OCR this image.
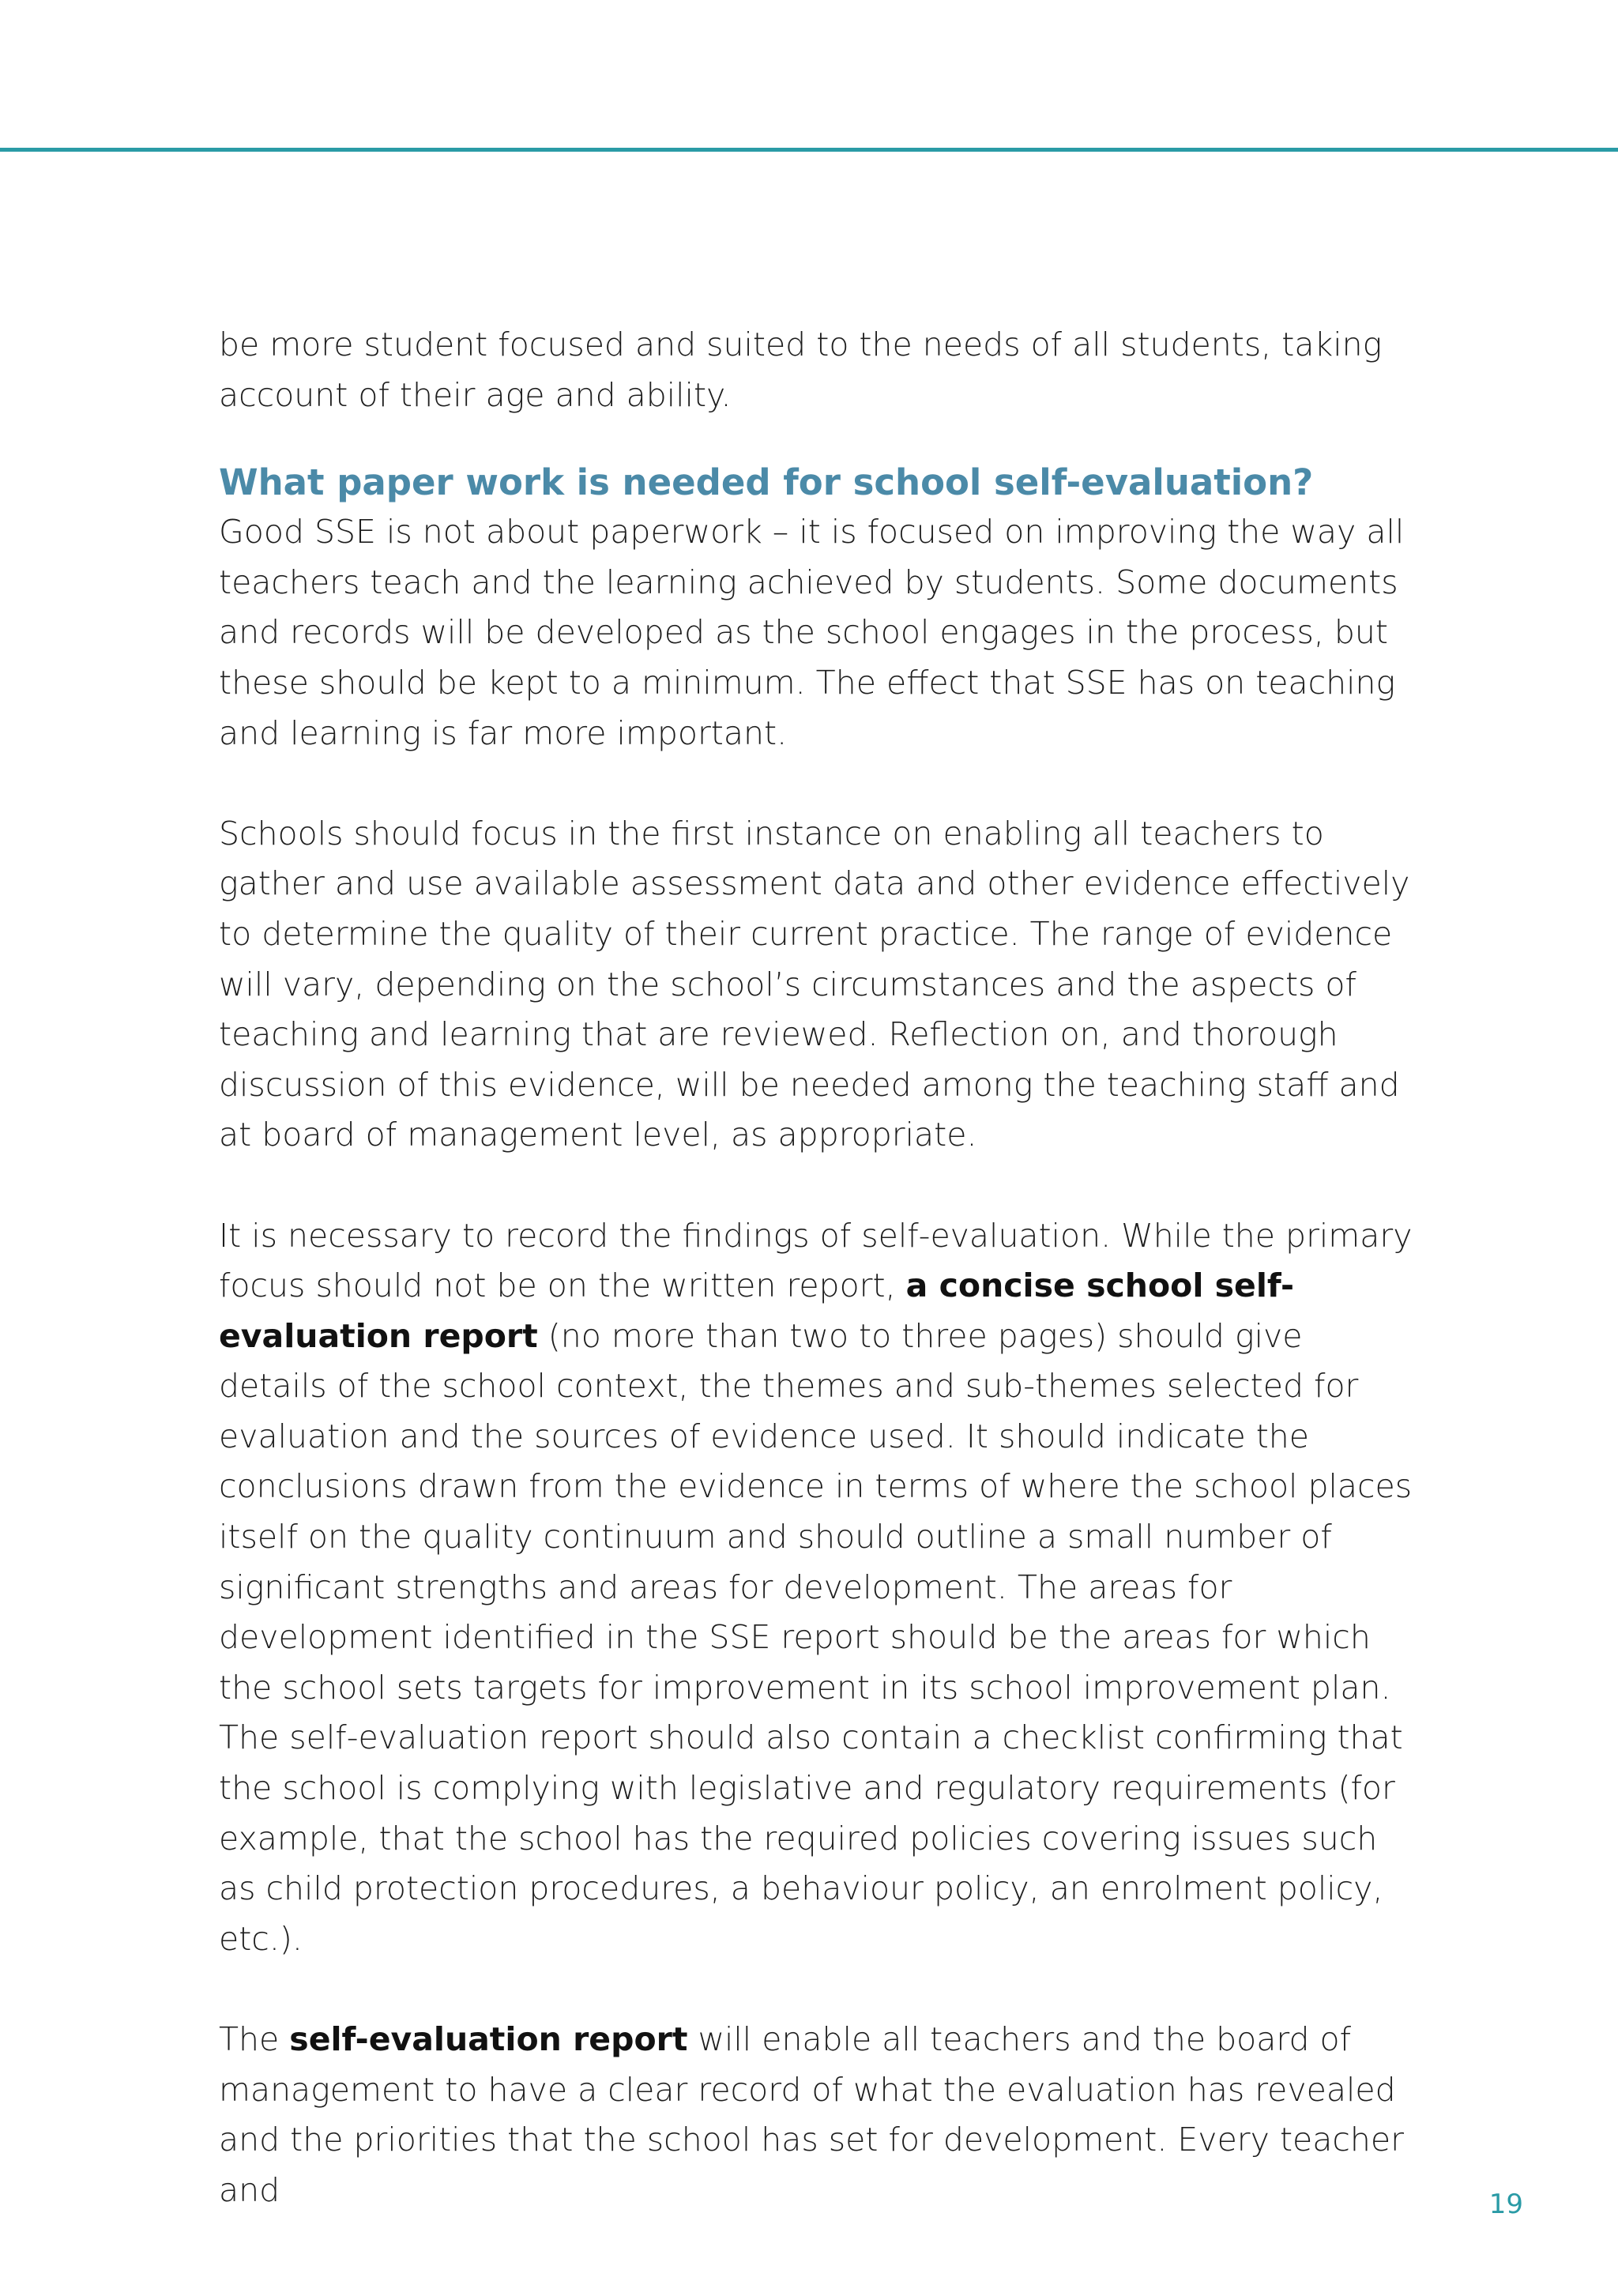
be more student focused and suited to the needs of all students, taking account of their age and ability.

What paper work is needed for school self-evaluation?

Good SSE is not about paperwork – it is focused on improving the way all teachers teach and the learning achieved by students. Some documents and records will be developed as the school engages in the process, but these should be kept to a minimum. The effect that SSE has on teaching and learning is far more important.

Schools should focus in the first instance on enabling all teachers to gather and use available assessment data and other evidence effectively to determine the quality of their current practice. The range of evidence will vary, depending on the school’s circumstances and the aspects of teaching and learning that are reviewed. Reflection on, and thorough discussion of this evidence, will be needed among the teaching staff and at board of management level, as appropriate.

It is necessary to record the findings of self-evaluation. While the primary focus should not be on the written report, a concise school self-evaluation report (no more than two to three pages) should give details of the school context, the themes and sub-themes selected for evaluation and the sources of evidence used. It should indicate the conclusions drawn from the evidence in terms of where the school places itself on the quality continuum and should outline a small number of significant strengths and areas for development. The areas for development identified in the SSE report should be the areas for which the school sets targets for improvement in its school improvement plan. The self-evaluation report should also contain a checklist confirming that the school is complying with legislative and regulatory requirements (for example, that the school has the required policies covering issues such as child protection procedures, a behaviour policy, an enrolment policy, etc.).

The self-evaluation report will enable all teachers and the board of management to have a clear record of what the evaluation has revealed and the priorities that the school has set for development. Every teacher and	19
